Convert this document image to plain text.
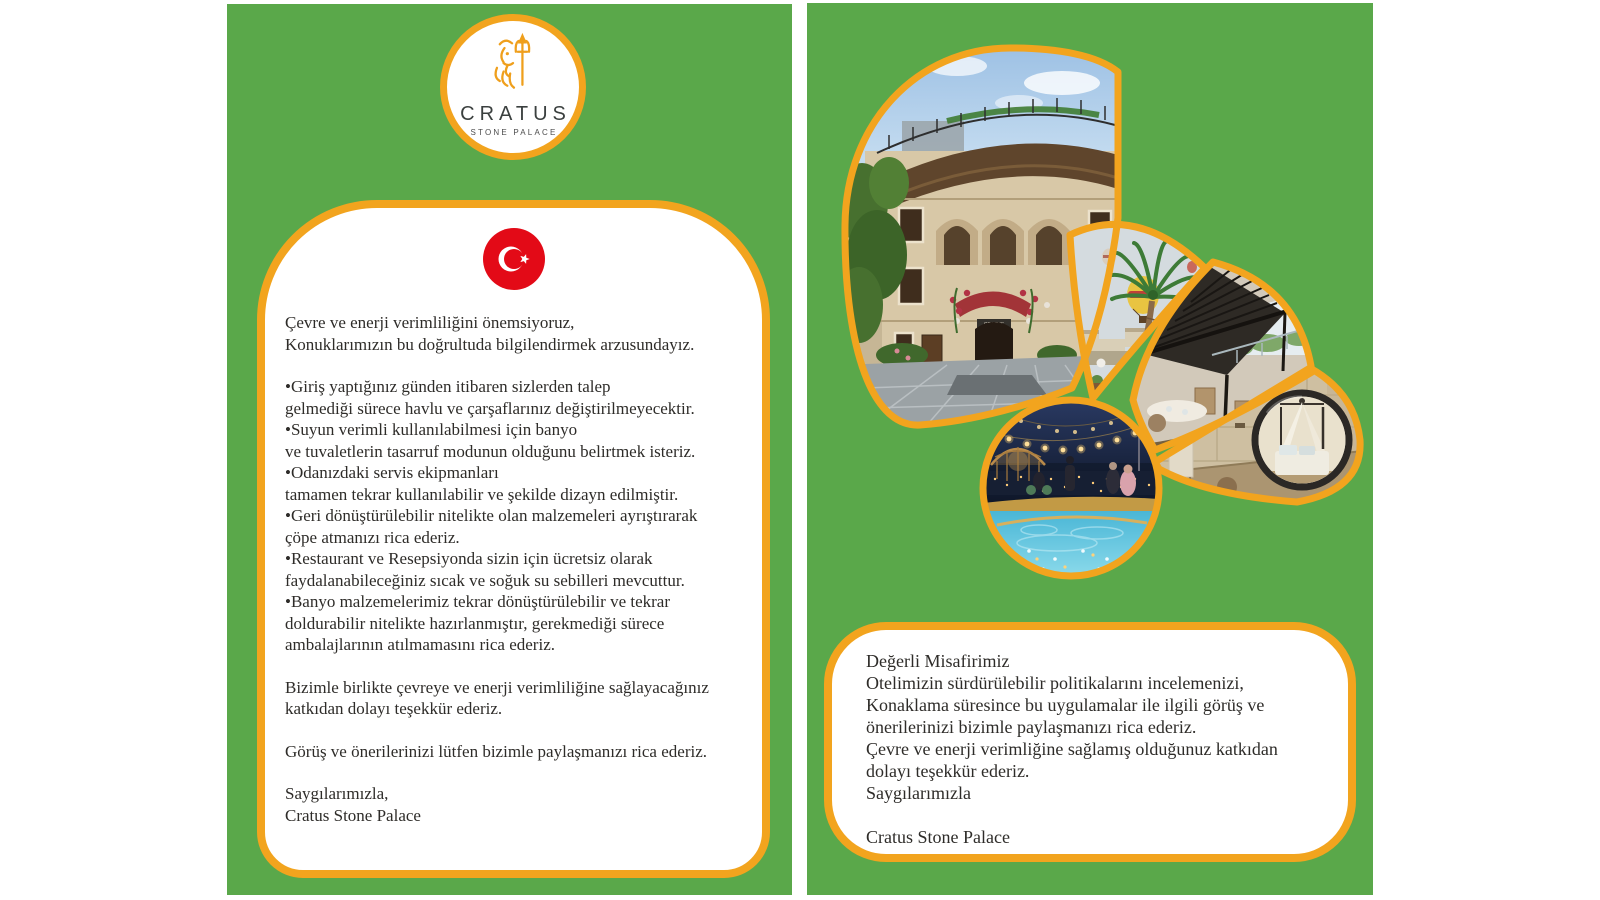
CRATUS
STONE PALACE
Çevre ve enerji verimliliğini önemsiyoruz,
Konuklarımızın bu doğrultuda bilgilendirmek arzusundayız.
•Giriş yaptığınız günden itibaren sizlerden talep
gelmediği sürece havlu ve çarşaflarınız değiştirilmeyecektir.
•Suyun verimli kullanılabilmesi için banyo
ve tuvaletlerin tasarruf modunun olduğunu belirtmek isteriz.
•Odanızdaki servis ekipmanları
tamamen tekrar kullanılabilir ve şekilde dizayn edilmiştir.
•Geri dönüştürülebilir nitelikte olan malzemeleri ayrıştırarak
çöpe atmanızı rica ederiz.
•Restaurant ve Resepsiyonda sizin için ücretsiz olarak
faydalanabileceğiniz sıcak ve soğuk su sebilleri mevcuttur.
•Banyo malzemelerimiz tekrar dönüştürülebilir ve tekrar
doldurabilir nitelikte hazırlanmıştır, gerekmediği sürece
ambalajlarının atılmamasını rica ederiz.
Bizimle birlikte çevreye ve enerji verimliliğine sağlayacağınız
katkıdan dolayı teşekkür ederiz.
Görüş ve önerilerinizi lütfen bizimle paylaşmanızı rica ederiz.
Saygılarımızla,
Cratus Stone Palace
Değerli Misafirimiz
Otelimizin sürdürülebilir politikalarını incelemenizi,
Konaklama süresince bu uygulamalar ile ilgili görüş ve
önerilerinizi bizimle paylaşmanızı rica ederiz.
Çevre ve enerji verimliğine sağlamış olduğunuz katkıdan
dolayı teşekkür ederiz.
Saygılarımızla
Cratus Stone Palace
